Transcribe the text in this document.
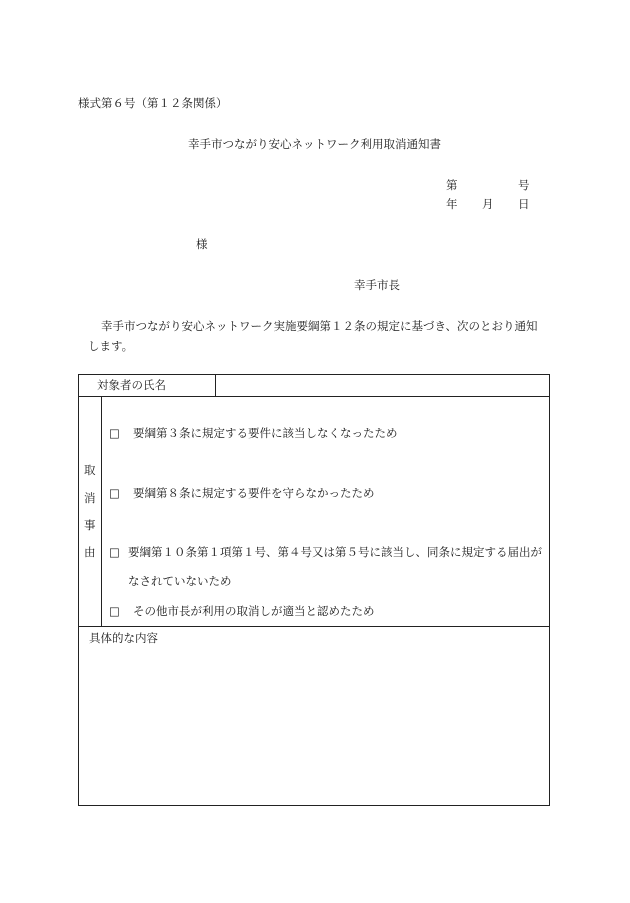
様式第６号（第１２条関係）
幸手市つながり安心ネットワーク利用取消通知書
第	号
年 月 日
様
幸手市長
幸手市つながり安心ネットワーク実施要綱第１２条の規定に基づき、次のとおり通知
します。
対象者の氏名
取
消
事
由
□ 要綱第３条に規定する要件に該当しなくなったため
□ 要綱第８条に規定する要件を守らなかったため
□ 要綱第１０条第１項第１号、第４号又は第５号に該当し、同条に規定する届出が
なされていないため
□ その他市長が利用の取消しが適当と認めたため
具体的な内容
